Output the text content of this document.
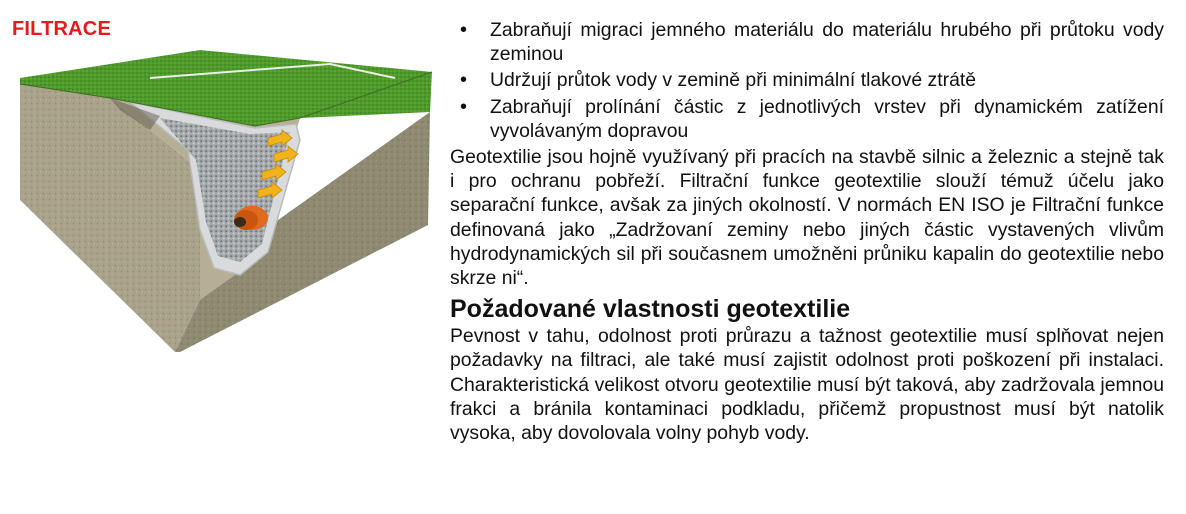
FILTRACE
•	Zabraňují migraci jemného materiálu do materiálu hrubého při průtoku vody zeminou
• Udržují průtok vody v zemině při minimální tlakové ztrátě
• Zabraňují prolínání částic z jednotlivých vrstev při dynamickém zatížení vyvolávaným dopravou

Geotextilie jsou hojně využívaný při pracích na stavbě silnic a železnic a stejně tak i pro ochranu pobřeží. Filtrační funkce geotextilie slouží témuž účelu jako separační funkce, avšak za jiných okolností. V normách EN ISO je Filtrační funkce definovaná jako „Zadržovaní zeminy nebo jiných částic vystavených vlivům hydrodynamických sil při současnem umožněni průniku kapalin do geotextilie nebo skrze ni“.

Požadované vlastnosti geotextilie

Pevnost v tahu, odolnost proti průrazu a tažnost geotextilie musí splňovat nejen požadavky na filtraci, ale také musí zajistit odolnost proti poškození při instalaci. Charakteristická velikost otvoru geotextilie musí být taková, aby zadržovala jemnou frakci a bránila kontaminaci podkladu, přičemž propustnost musí být natolik vysoka, aby dovolovala volny pohyb vody.
